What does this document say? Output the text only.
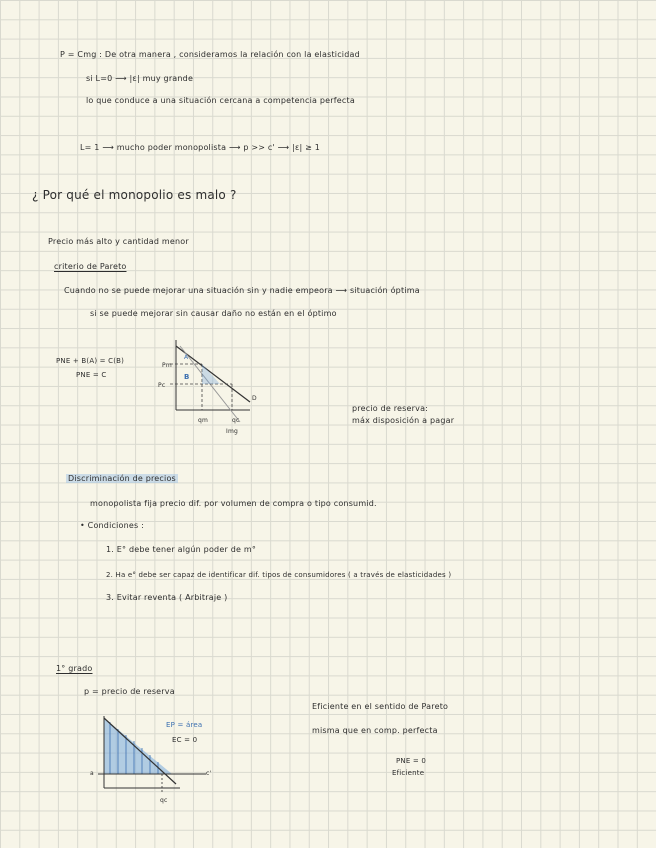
P = Cmg : De otra manera , consideramos la relación con la elasticidad
si L=0 ⟶ |ε| muy grande
lo que conduce a una situación cercana a competencia perfecta
L= 1 ⟶ mucho poder monopolista ⟶ p >> c' ⟶ |ε| ≥ 1
¿ Por qué el monopolio es malo ?
Precio más alto y cantidad menor
criterio de Pareto
Cuando no se puede mejorar una situación sin y nadie empeora ⟶ situación óptima
si se puede mejorar sin causar daño no están en el óptimo
PNE + B(A) = C(B)
PNE = C
Pm
Pc
A
B
D
qm	qc
Img
precio de reserva:
máx disposición a pagar
Discriminación de precios
monopolista fija precio dif. por volumen de compra o tipo consumid.
• Condiciones :
1. E° debe tener algún poder de m°
2. Ha e° debe ser capaz de identificar dif. tipos de consumidores ( a través de elasticidades )
3. Evitar reventa ( Arbitraje )
1° grado
p = precio de reserva
a	c'
qc
EP = área
EC = 0
Eficiente en el sentido de Pareto
misma que en comp. perfecta
PNE = 0
Eficiente
